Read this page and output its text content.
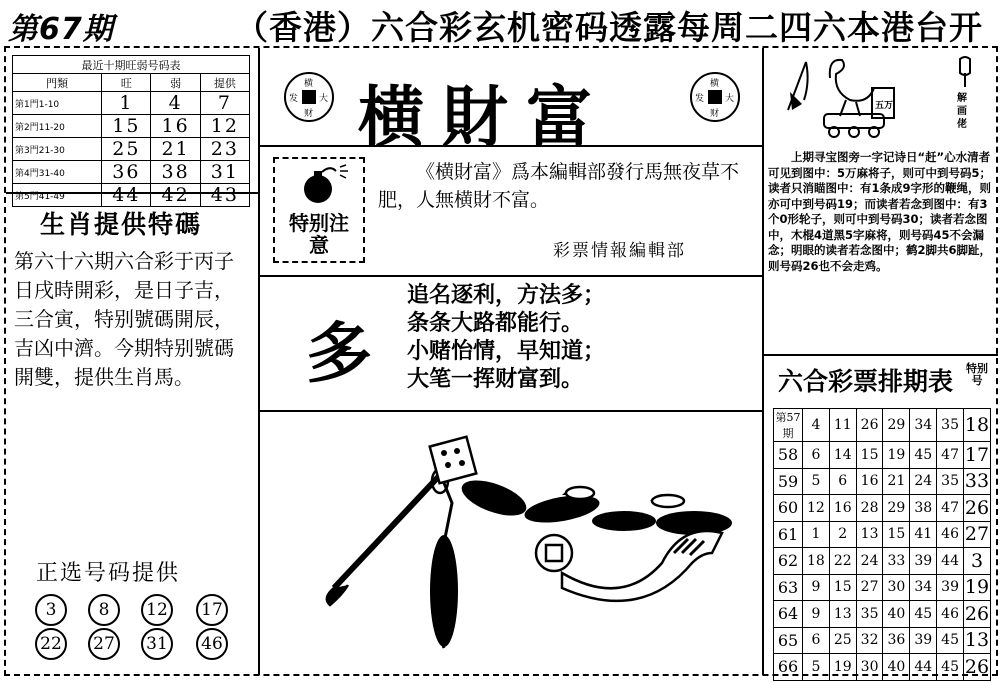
第67期	（香港）六合彩玄机密码透露每周二四六本港台开
最近十期旺弱号码表			
門類	旺	弱	提供
第1門1-10	1	4	7
第2門11-20	15	16	12
第3門21-30	25	21	23
第4門31-40	36	38	31
第5門41-49	44	42	43
生肖提供特碼
第六十六期六合彩于丙子日戌時開彩，是日子吉，三合寅，特别號碼開辰，吉凶中濟。今期特别號碼開雙，提供生肖馬。
正选号码提供
3	8	12	17
22	27	31	46
横
发 大
财 横財富	横
发 大
财
特别注意
《横財富》爲本編輯部發行馬無夜草不肥，人無横財不富。
彩票情報編輯部
多
追名逐利，方法多；
条条大路都能行。
小赌怡情，早知道；
大笔一挥财富到。
五万
解画佬
上期寻宝图旁一字记诗日“赶”心水清者可见到图中：5万麻将子，则可中到号码5；读者只消瞄图中：有1条成9字形的鞭绳，则亦可中到号码19；而读者若念到图中：有3个0形轮子，则可中到号码30；读者若念图中，木棍4道黑5字麻将，则号码45不会漏念；明眼的读者若念图中；鹤2脚共6脚趾，则号码26也不会走鸡。
六合彩票排期表 特别号
第57期	4	11	26	29	34	35	18
58	6	14	15	19	45	47	17
59	5	6	16	21	24	35	33
60	12	16	28	29	38	47	26
61	1	2	13	15	41	46	27
62	18	22	24	33	39	44	3
63	9	15	27	30	34	39	19
64	9	13	35	40	45	46	26
65	6	25	32	36	39	45	13
66	5	19	30	40	44	45	26
